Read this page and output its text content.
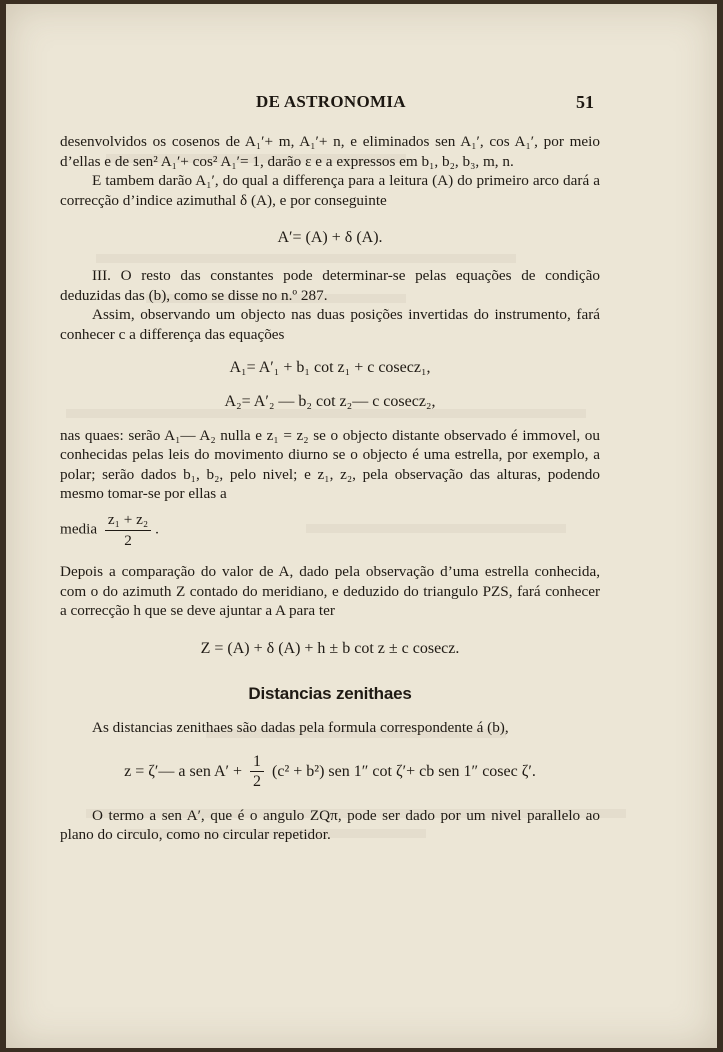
DE ASTRONOMIA	51

desenvolvidos os cosenos de A₁′+ m, A₁′+ n, e eliminados sen A₁′, cos A₁′, por meio d’ellas e de sen² A₁′+ cos² A₁′= 1, darão ε e a expressos em b₁, b₂, b₃, m, n.

E tambem darão A₁′, do qual a differença para a leitura (A) do primeiro arco dará a correcção d’indice azimuthal δ (A), e por conseguinte

A′= (A) + δ (A).

III. O resto das constantes pode determinar-se pelas equações de condição deduzidas das (b), como se disse no n.º 287.

Assim, observando um objecto nas duas posições invertidas do instrumento, fará conhecer c a differença das equações

A₁= A′₁ + b₁ cot z₁ + c cosecz₁,
A₂= A′₂ — b₂ cot z₂— c cosecz₂,

nas quaes: serão A₁— A₂ nulla e z₁ = z₂ se o objecto distante observado é immovel, ou conhecidas pelas leis do movimento diurno se o objecto é uma estrella, por exemplo, a polar; serão dados b₁, b₂, pelo nivel; e z₁, z₂, pela observação das alturas, podendo mesmo tomar-se por ellas a

media $\frac{\text{z₁ + z₂}}{2}$ .

Depois a comparação do valor de A, dado pela observação d’uma estrella conhecida, com o do azimuth Z contado do meridiano, e deduzido do triangulo PZS, fará conhecer a correcção h que se deve ajuntar a A para ter

Z = (A) + δ (A) + h ± b cot z ± c cosecz.
Distancias zenithaes

As distancias zenithaes são dadas pela formula correspondente á (b),

z = ζ′— a sen $A' + \frac{1}{2} (c^2 + b^2)$ sen 1″ cot ζ′+ cb sen 1″ cosec ζ′.

O termo a sen A′, que é o angulo ZQπ, pode ser dado por um nivel parallelo ao plano do circulo, como no circular repetidor.
